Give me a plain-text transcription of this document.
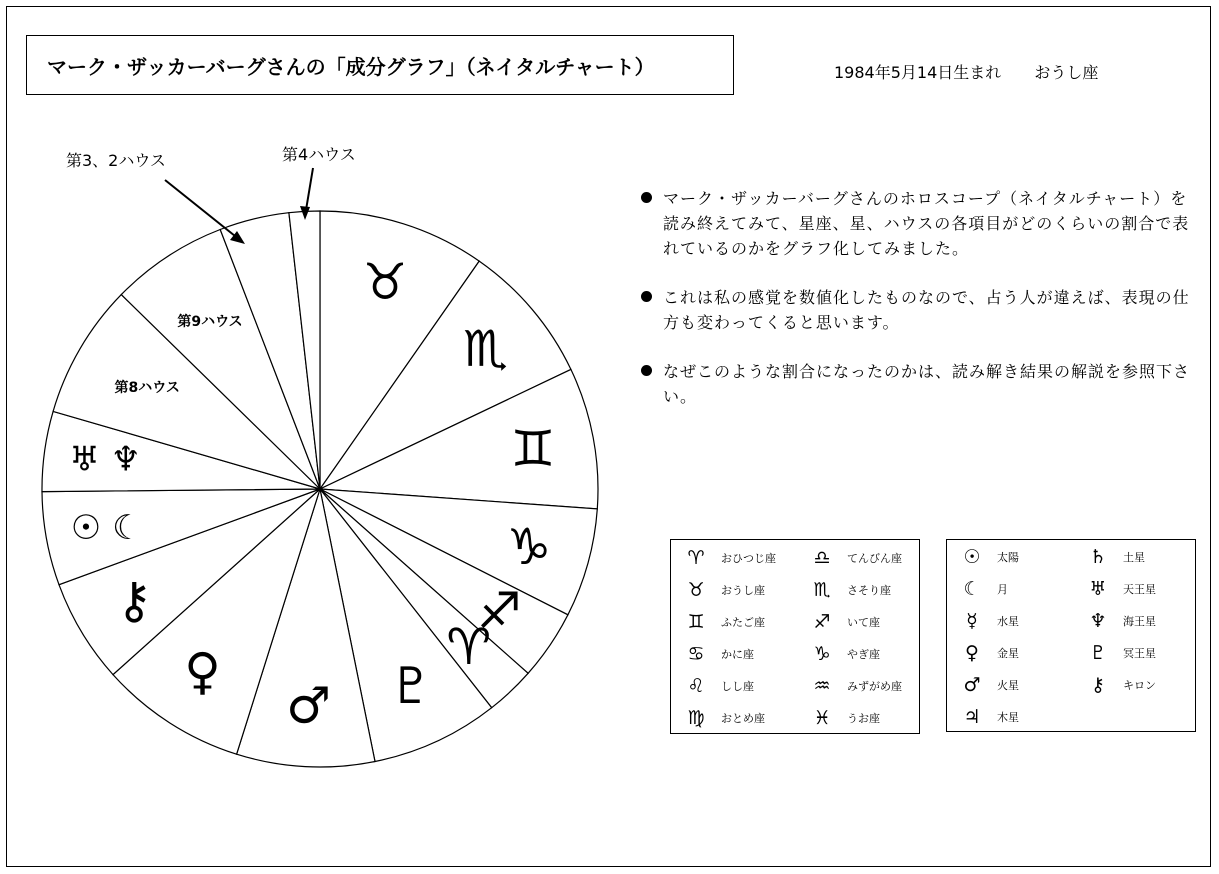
マーク・ザッカーバーグさんの「成分グラフ」（ネイタルチャート）	1984年5月14日生まれ おうし座
♉
♏
♊
♑
♐
♈
♇
♂
♀
⚷
☉ ☾
♅ ♆
第8ハウス
第9ハウス
第4ハウス
第3、2ハウス
マーク・ザッカーバーグさんのホロスコープ（ネイタルチャート）を読み終えてみて、星座、星、ハウスの各項目がどのくらいの割合で表れているのかをグラフ化してみました。
これは私の感覚を数値化したものなので、占う人が違えば、表現の仕方も変わってくると思います。
なぜこのような割合になったのかは、読み解き結果の解説を参照下さい。
♈	おひつじ座
♉	おうし座
♊	ふたご座
♋	かに座
♌	しし座
♍	おとめ座
♎	てんびん座
♏	さそり座
♐	いて座
♑	やぎ座
♒	みずがめ座
♓	うお座
☉	太陽
☾	月
☿	水星
♀	金星
♂	火星
♃	木星
♄	土星
♅	天王星
♆	海王星
♇	冥王星
⚷	キロン
